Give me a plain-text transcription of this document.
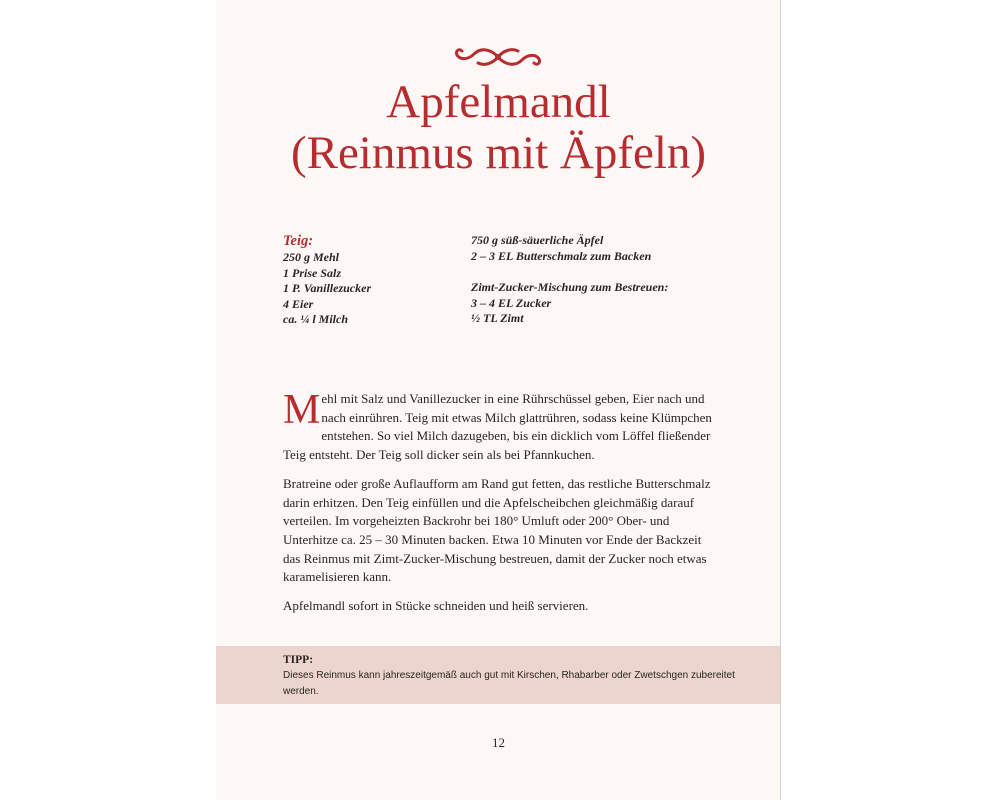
Apfelmandl
(Reinmus mit Äpfeln)
Teig:
250 g Mehl
1 Prise Salz
1 P. Vanillezucker
4 Eier
ca. ¼ l Milch
750 g süß-säuerliche Äpfel
2 – 3 EL Butterschmalz zum Backen
Zimt-Zucker-Mischung zum Bestreuen:
3 – 4 EL Zucker
½ TL Zimt

Mehl mit Salz und Vanillezucker in eine Rührschüssel geben, Eier nach und nach einrühren. Teig mit etwas Milch glattrühren, sodass keine Klümpchen entstehen. So viel Milch dazugeben, bis ein dicklich vom Löffel fließender Teig entsteht. Der Teig soll dicker sein als bei Pfannkuchen.

Bratreine oder große Auflaufform am Rand gut fetten, das restliche Butterschmalz darin erhitzen. Den Teig einfüllen und die Apfelscheibchen gleichmäßig darauf verteilen. Im vorgeheizten Backrohr bei 180° Umluft oder 200° Ober- und Unterhitze ca. 25 – 30 Minuten backen. Etwa 10 Minuten vor Ende der Backzeit das Reinmus mit Zimt-Zucker-Mischung bestreuen, damit der Zucker noch etwas karamelisieren kann.

Apfelmandl sofort in Stücke schneiden und heiß servieren.

TIPP:
Dieses Reinmus kann jahreszeitgemäß auch gut mit Kirschen, Rhabarber oder Zwetschgen zubereitet werden.
12
